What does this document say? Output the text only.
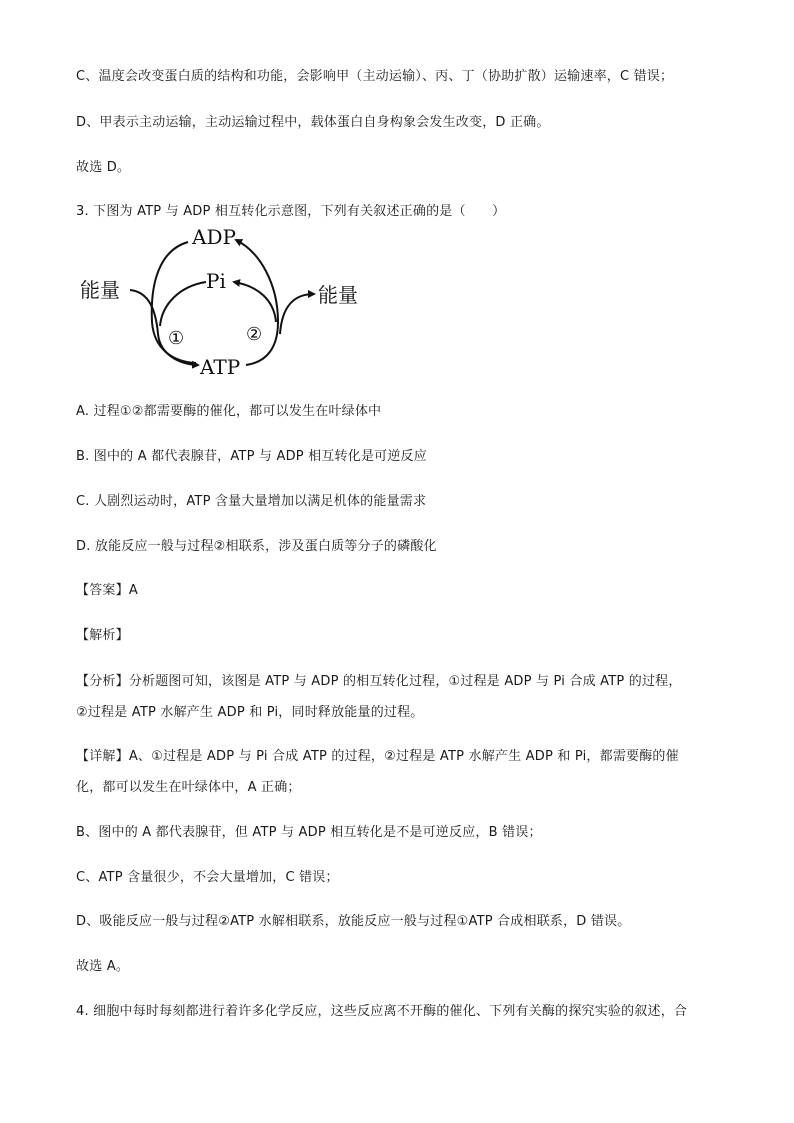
C、温度会改变蛋白质的结构和功能，会影响甲（主动运输）、丙、丁（协助扩散）运输速率，C 错误；
D、甲表示主动运输，主动运输过程中，载体蛋白自身构象会发生改变，D 正确。
故选 D。
3. 下图为 ATP 与 ADP 相互转化示意图，下列有关叙述正确的是（　　）
ADP
Pi
ATP
能量	能量
①	②
A. 过程①②都需要酶的催化，都可以发生在叶绿体中
B. 图中的 A 都代表腺苷，ATP 与 ADP 相互转化是可逆反应
C. 人剧烈运动时，ATP 含量大量增加以满足机体的能量需求
D. 放能反应一般与过程②相联系，涉及蛋白质等分子的磷酸化
【答案】A
【解析】
【分析】分析题图可知，该图是 ATP 与 ADP 的相互转化过程，①过程是 ADP 与 Pi 合成 ATP 的过程，
②过程是 ATP 水解产生 ADP 和 Pi，同时释放能量的过程。
【详解】A、①过程是 ADP 与 Pi 合成 ATP 的过程，②过程是 ATP 水解产生 ADP 和 Pi，都需要酶的催
化，都可以发生在叶绿体中，A 正确；
B、图中的 A 都代表腺苷，但 ATP 与 ADP 相互转化是不是可逆反应，B 错误；
C、ATP 含量很少，不会大量增加，C 错误；
D、吸能反应一般与过程②ATP 水解相联系，放能反应一般与过程①ATP 合成相联系，D 错误。
故选 A。
4. 细胞中每时每刻都进行着许多化学反应，这些反应离不开酶的催化、下列有关酶的探究实验的叙述，合
